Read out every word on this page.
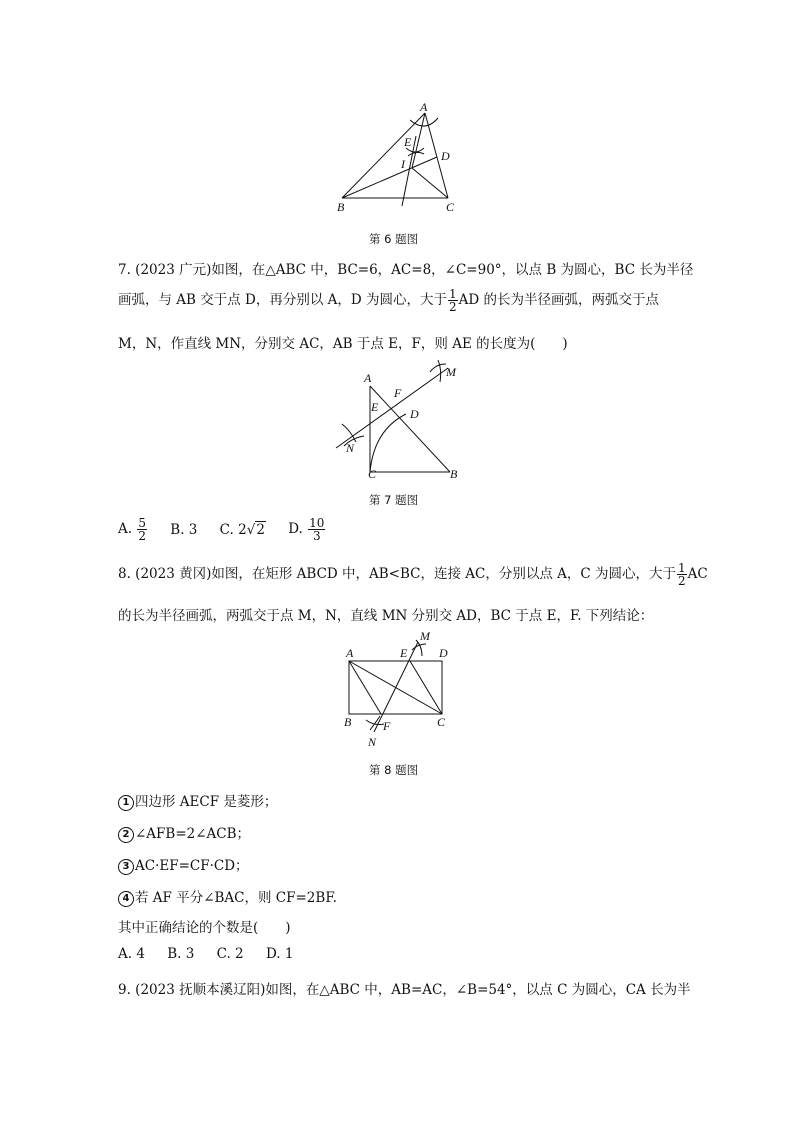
A
B	C
D
E
I
第 6 题图
7. (2023 广元)如图，在△ABC 中，BC=6，AC=8，∠C=90°，以点 B 为圆心，BC 长为半径
画弧，与 AB 交于点 D，再分别以 A，D 为圆心，大于 $\frac{1}{2}$ AD 的长为半径画弧，两弧交于点
M，N，作直线 MN，分别交 AC，AB 于点 E，F，则 AE 的长度为(　　)
A
B
C
D
E
F
M
N
第 7 题图
A. $\frac{5}{2} B$. 3 C. 2√2 D. $\frac{10}{3}$
8. (2023 黄冈)如图，在矩形 ABCD 中，AB<BC，连接 AC，分别以点 A，C 为圆心，大于 $\frac{1}{2}$ AC
的长为半径画弧，两弧交于点 M，N，直线 MN 分别交 AD，BC 于点 E，F. 下列结论：
A
B	C
D
E
F
M
N
第 8 题图
1 四边形 AECF 是菱形；
2 ∠AFB=2∠ACB；
3 AC·EF=CF·CD；
4 若 AF 平分∠BAC，则 CF=2BF.
其中正确结论的个数是(　　)
A. 4 B. 3 C. 2 D. 1
9. (2023 抚顺本溪辽阳)如图，在△ABC 中，AB=AC，∠B=54°，以点 C 为圆心，CA 长为半
